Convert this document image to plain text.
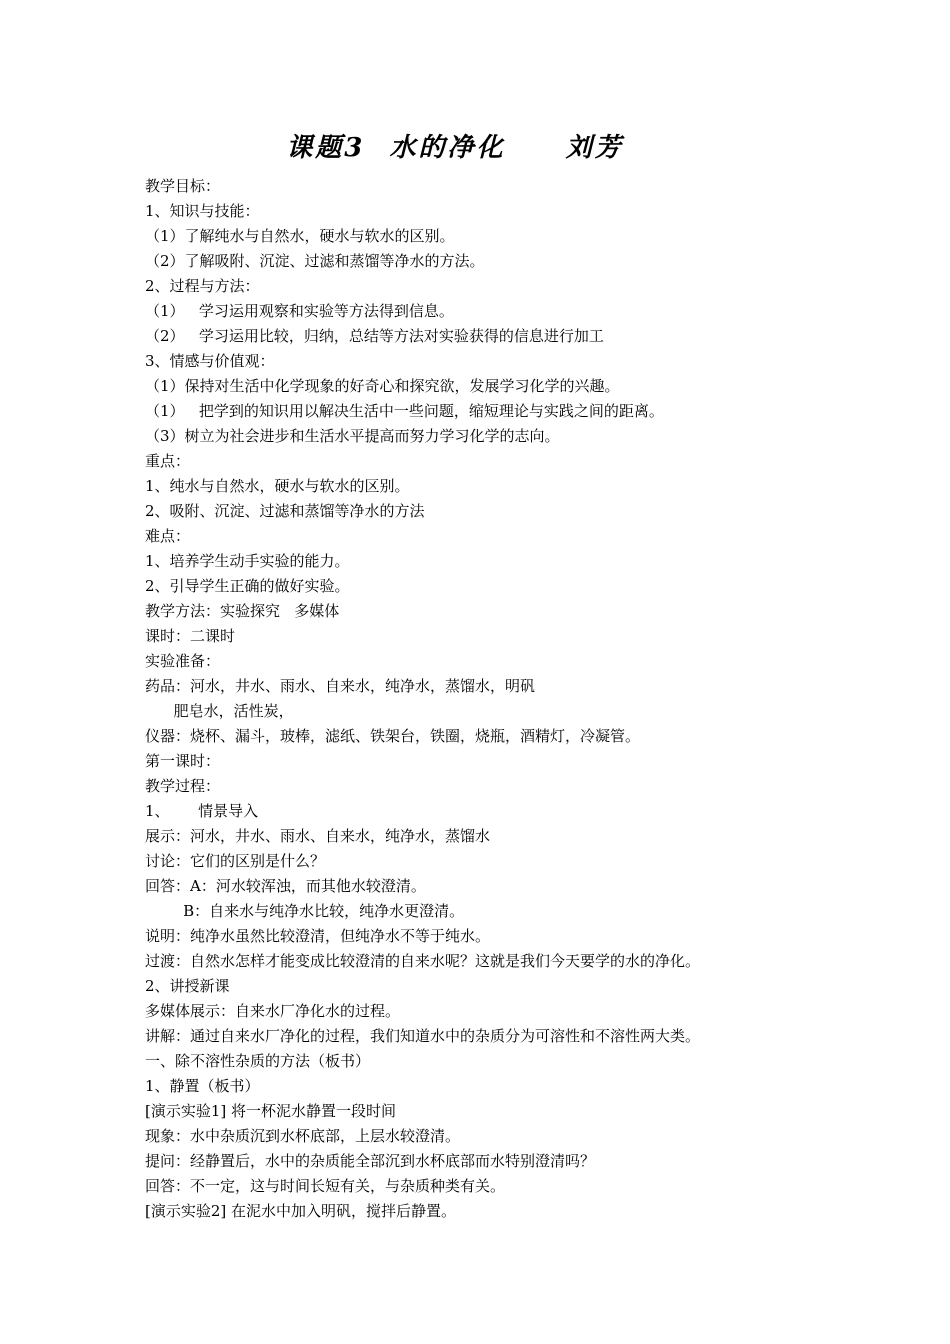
课题3  水的净化     刘芳
教学目标：
1、知识与技能：
（1）了解纯水与自然水，硬水与软水的区别。
（2）了解吸附、沉淀、过滤和蒸馏等净水的方法。
2、过程与方法：
（1）   学习运用观察和实验等方法得到信息。
（2）   学习运用比较，归纳，总结等方法对实验获得的信息进行加工
3、情感与价值观：
（1）保持对生活中化学现象的好奇心和探究欲，发展学习化学的兴趣。
（1）   把学到的知识用以解决生活中一些问题，缩短理论与实践之间的距离。
（3）树立为社会进步和生活水平提高而努力学习化学的志向。
重点：
1、纯水与自然水，硬水与软水的区别。
2、吸附、沉淀、过滤和蒸馏等净水的方法
难点：
1、培养学生动手实验的能力。
2、引导学生正确的做好实验。
教学方法：实验探究   多媒体
课时：二课时
实验准备：
药品：河水，井水、雨水、自来水，纯净水，蒸馏水，明矾
肥皂水，活性炭，
仪器：烧杯、漏斗，玻棒，滤纸、铁架台，铁圈，烧瓶，酒精灯，冷凝管。
第一课时：
教学过程：
1、      情景导入
展示：河水，井水、雨水、自来水，纯净水，蒸馏水
讨论：它们的区别是什么？
回答：A：河水较浑浊，而其他水较澄清。
B：自来水与纯净水比较，纯净水更澄清。
说明：纯净水虽然比较澄清，但纯净水不等于纯水。
过渡：自然水怎样才能变成比较澄清的自来水呢？这就是我们今天要学的水的净化。
2、讲授新课
多媒体展示：自来水厂净化水的过程。
讲解：通过自来水厂净化的过程，我们知道水中的杂质分为可溶性和不溶性两大类。
一、除不溶性杂质的方法（板书）
1、静置（板书）
[演示实验1] 将一杯泥水静置一段时间
现象：水中杂质沉到水杯底部，上层水较澄清。
提问：经静置后，水中的杂质能全部沉到水杯底部而水特别澄清吗？
回答：不一定，这与时间长短有关，与杂质种类有关。
[演示实验2] 在泥水中加入明矾，搅拌后静置。
